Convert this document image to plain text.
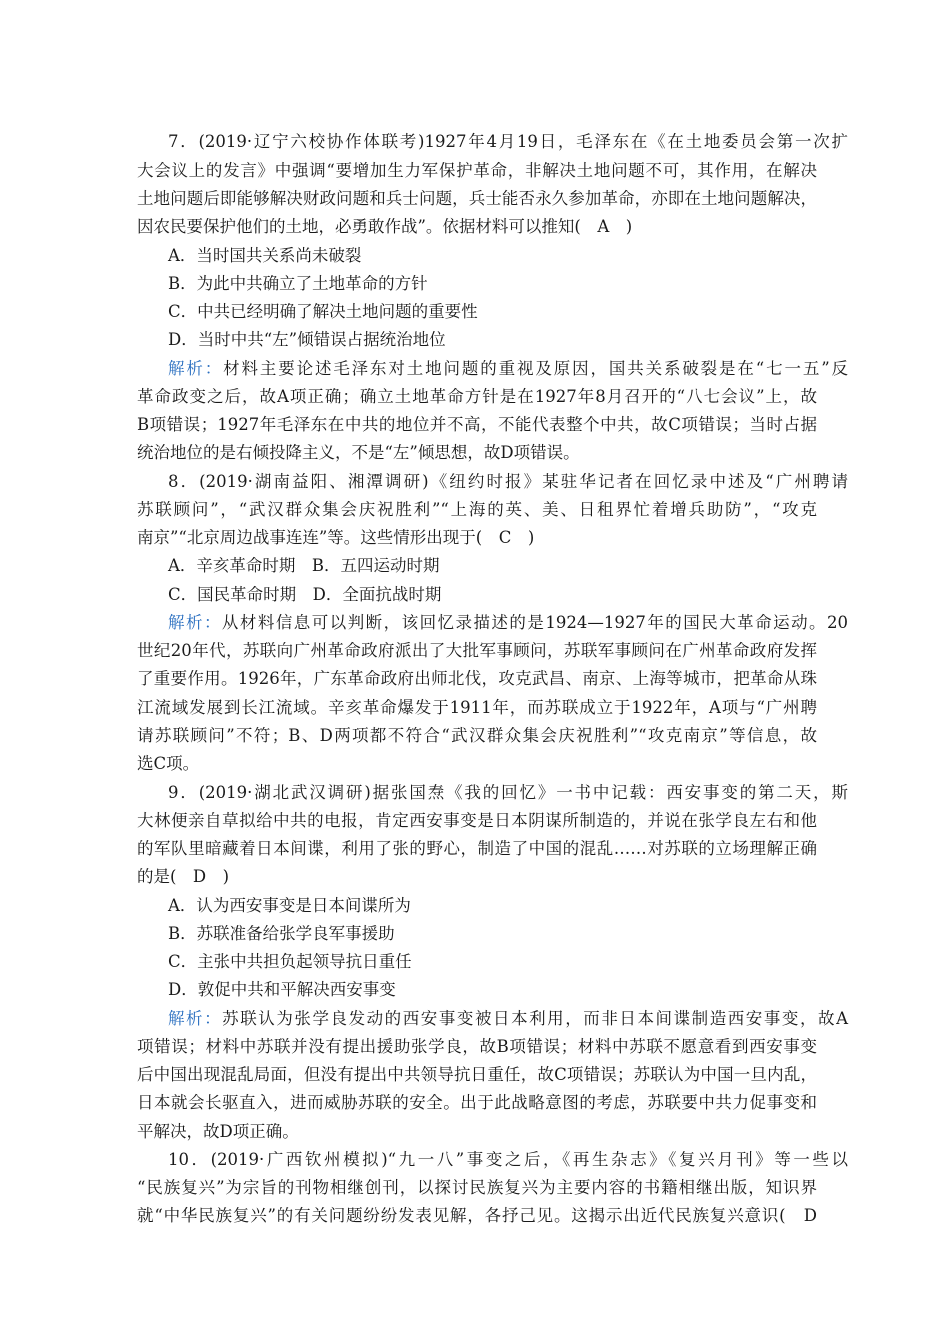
7．(2019·辽宁六校协作体联考)1927年4月19日，毛泽东在《在土地委员会第一次扩
大会议上的发言》中强调“要增加生力军保护革命，非解决土地问题不可，其作用，在解决
土地问题后即能够解决财政问题和兵士问题，兵士能否永久参加革命，亦即在土地问题解决，
因农民要保护他们的土地，必勇敢作战”。依据材料可以推知(　A　)
A．当时国共关系尚未破裂
B．为此中共确立了土地革命的方针
C．中共已经明确了解决土地问题的重要性
D．当时中共“左”倾错误占据统治地位
解析：材料主要论述毛泽东对土地问题的重视及原因，国共关系破裂是在“七一五”反
革命政变之后，故A项正确；确立土地革命方针是在1927年8月召开的“八七会议”上，故
B项错误；1927年毛泽东在中共的地位并不高，不能代表整个中共，故C项错误；当时占据
统治地位的是右倾投降主义，不是“左”倾思想，故D项错误。
8．(2019·湖南益阳、湘潭调研)《纽约时报》某驻华记者在回忆录中述及“广州聘请
苏联顾问”，“武汉群众集会庆祝胜利”“上海的英、美、日租界忙着增兵助防”，“攻克
南京”“北京周边战事连连”等。这些情形出现于(　C　)
A．辛亥革命时期　B．五四运动时期
C．国民革命时期　D．全面抗战时期
解析：从材料信息可以判断，该回忆录描述的是1924—1927年的国民大革命运动。20
世纪20年代，苏联向广州革命政府派出了大批军事顾问，苏联军事顾问在广州革命政府发挥
了重要作用。1926年，广东革命政府出师北伐，攻克武昌、南京、上海等城市，把革命从珠
江流域发展到长江流域。辛亥革命爆发于1911年，而苏联成立于1922年，A项与“广州聘
请苏联顾问”不符；B、D两项都不符合“武汉群众集会庆祝胜利”“攻克南京”等信息，故
选C项。
9．(2019·湖北武汉调研)据张国焘《我的回忆》一书中记载：西安事变的第二天，斯
大林便亲自草拟给中共的电报，肯定西安事变是日本阴谋所制造的，并说在张学良左右和他
的军队里暗藏着日本间谍，利用了张的野心，制造了中国的混乱……对苏联的立场理解正确
的是(　D　)
A．认为西安事变是日本间谍所为
B．苏联准备给张学良军事援助
C．主张中共担负起领导抗日重任
D．敦促中共和平解决西安事变
解析：苏联认为张学良发动的西安事变被日本利用，而非日本间谍制造西安事变，故A
项错误；材料中苏联并没有提出援助张学良，故B项错误；材料中苏联不愿意看到西安事变
后中国出现混乱局面，但没有提出中共领导抗日重任，故C项错误；苏联认为中国一旦内乱，
日本就会长驱直入，进而威胁苏联的安全。出于此战略意图的考虑，苏联要中共力促事变和
平解决，故D项正确。
10．(2019·广西钦州模拟)“九一八”事变之后，《再生杂志》《复兴月刊》等一些以
“民族复兴”为宗旨的刊物相继创刊，以探讨民族复兴为主要内容的书籍相继出版，知识界
就“中华民族复兴”的有关问题纷纷发表见解，各抒己见。这揭示出近代民族复兴意识(　D
